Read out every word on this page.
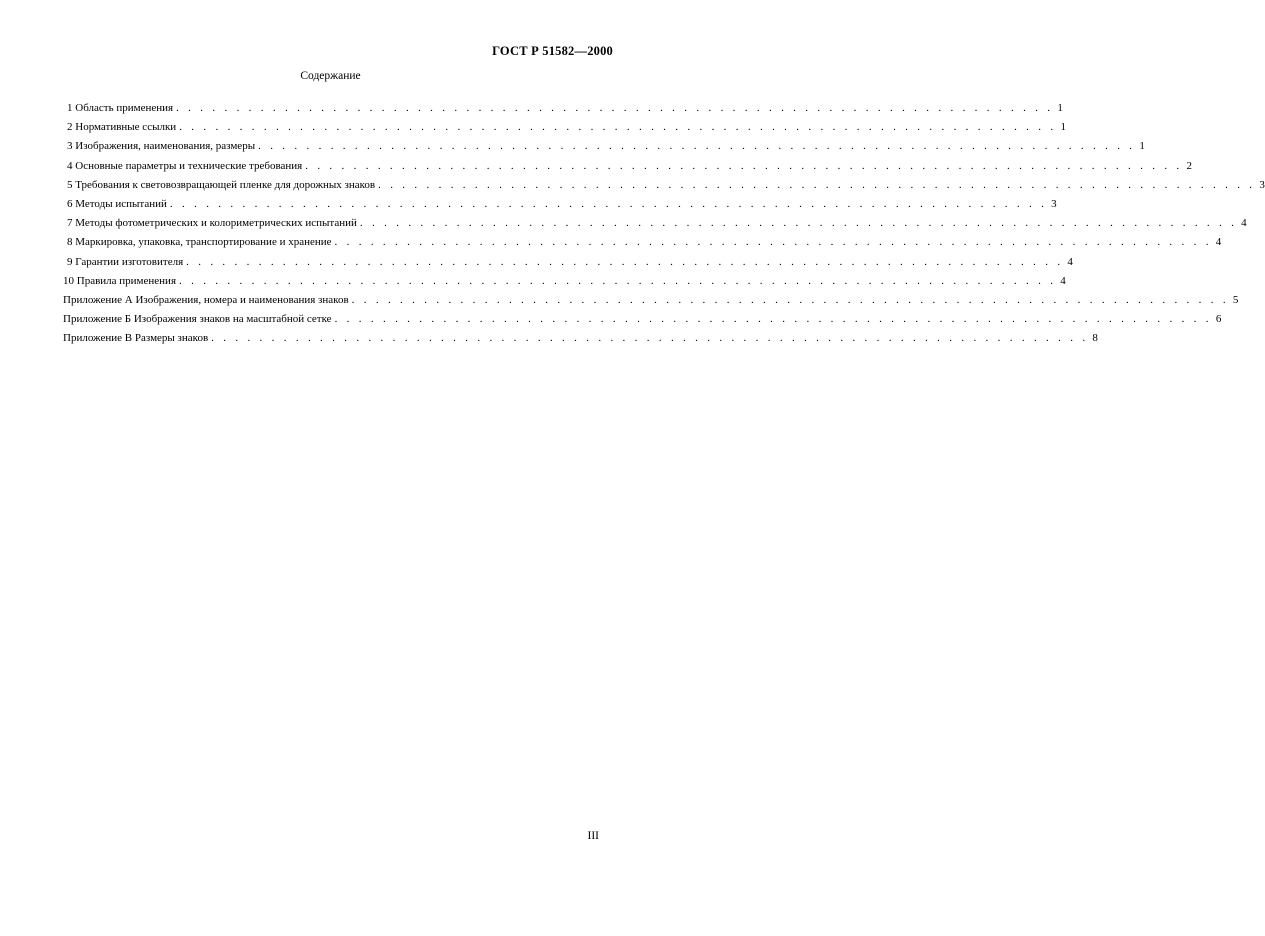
ГОСТ Р 51582—2000
Содержание
1 Область применения . . . . . . . . . . . . . . . . . . . . . . . . . . . . . . . . . . . . . . . . . . . . . . . . . . . . . . . . . . . . . . . . . . . . . . . . . 1
2 Нормативные ссылки . . . . . . . . . . . . . . . . . . . . . . . . . . . . . . . . . . . . . . . . . . . . . . . . . . . . . . . . . . . . . . . . . . . . . . . . . 1
3 Изображения, наименования, размеры . . . . . . . . . . . . . . . . . . . . . . . . . . . . . . . . . . . . . . . . . . . . . . . . . . . . . . . . . . . . . . . . . . . . . . . . . 1
4 Основные параметры и технические требования . . . . . . . . . . . . . . . . . . . . . . . . . . . . . . . . . . . . . . . . . . . . . . . . . . . . . . . . . . . . . . . . . . . . . . . . . 2
5 Требования к световозвращающей пленке для дорожных знаков . . . . . . . . . . . . . . . . . . . . . . . . . . . . . . . . . . . . . . . . . . . . . . . . . . . . . . . . . . . . . . . . . . . . . . . . . 3
6 Методы испытаний . . . . . . . . . . . . . . . . . . . . . . . . . . . . . . . . . . . . . . . . . . . . . . . . . . . . . . . . . . . . . . . . . . . . . . . . . 3
7 Методы фотометрических и колориметрических испытаний . . . . . . . . . . . . . . . . . . . . . . . . . . . . . . . . . . . . . . . . . . . . . . . . . . . . . . . . . . . . . . . . . . . . . . . . . 4
8 Маркировка, упаковка, транспортирование и хранение . . . . . . . . . . . . . . . . . . . . . . . . . . . . . . . . . . . . . . . . . . . . . . . . . . . . . . . . . . . . . . . . . . . . . . . . . 4
9 Гарантии изготовителя . . . . . . . . . . . . . . . . . . . . . . . . . . . . . . . . . . . . . . . . . . . . . . . . . . . . . . . . . . . . . . . . . . . . . . . . . 4
10 Правила применения . . . . . . . . . . . . . . . . . . . . . . . . . . . . . . . . . . . . . . . . . . . . . . . . . . . . . . . . . . . . . . . . . . . . . . . . . 4
Приложение А Изображения, номера и наименования знаков . . . . . . . . . . . . . . . . . . . . . . . . . . . . . . . . . . . . . . . . . . . . . . . . . . . . . . . . . . . . . . . . . . . . . . . . . 5
Приложение Б Изображения знаков на масштабной сетке . . . . . . . . . . . . . . . . . . . . . . . . . . . . . . . . . . . . . . . . . . . . . . . . . . . . . . . . . . . . . . . . . . . . . . . . . 6
Приложение В Размеры знаков . . . . . . . . . . . . . . . . . . . . . . . . . . . . . . . . . . . . . . . . . . . . . . . . . . . . . . . . . . . . . . . . . . . . . . . . . 8
III
